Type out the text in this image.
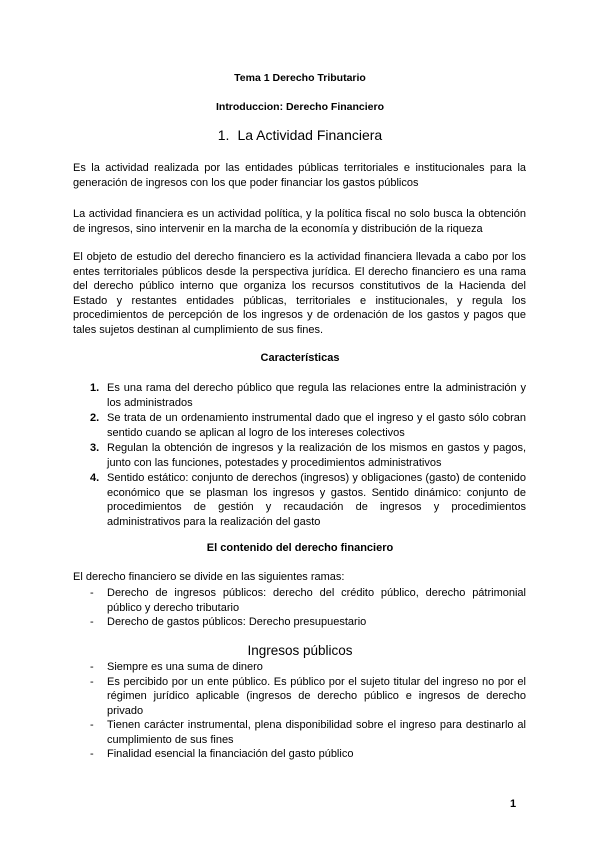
Tema 1 Derecho Tributario
Introduccion: Derecho Financiero
1. La Actividad Financiera

Es la actividad realizada por las entidades públicas territoriales e institucionales para la generación de ingresos con los que poder financiar los gastos públicos

La actividad financiera es un actividad política, y la política fiscal no solo busca la obtención de ingresos, sino intervenir en la marcha de la economía y distribución de la riqueza

El objeto de estudio del derecho financiero es la actividad financiera llevada a cabo por los entes territoriales públicos desde la perspectiva jurídica. El derecho financiero es una rama del derecho público interno que organiza los recursos constitutivos de la Hacienda del Estado y restantes entidades públicas, territoriales e institucionales, y regula los procedimientos de percepción de los ingresos y de ordenación de los gastos y pagos que tales sujetos destinan al cumplimiento de sus fines.

Características
1. Es una rama del derecho público que regula las relaciones entre la administración y los administrados
2. Se trata de un ordenamiento instrumental dado que el ingreso y el gasto sólo cobran sentido cuando se aplican al logro de los intereses colectivos
3. Regulan la obtención de ingresos y la realización de los mismos en gastos y pagos, junto con las funciones, potestades y procedimientos administrativos
4. Sentido estático: conjunto de derechos (ingresos) y obligaciones (gasto) de contenido económico que se plasman los ingresos y gastos. Sentido dinámico: conjunto de procedimientos de gestión y recaudación de ingresos y procedimientos administrativos para la realización del gasto
El contenido del derecho financiero

El derecho financiero se divide en las siguientes ramas:

- Derecho de ingresos públicos: derecho del crédito público, derecho pátrimonial público y derecho tributario
- Derecho de gastos públicos: Derecho presupuestario
Ingresos públicos
- Siempre es una suma de dinero
- Es percibido por un ente público. Es público por el sujeto titular del ingreso no por el régimen jurídico aplicable (ingresos de derecho público e ingresos de derecho privado
- Tienen carácter instrumental, plena disponibilidad sobre el ingreso para destinarlo al cumplimiento de sus fines
- Finalidad esencial la financiación del gasto público
1
